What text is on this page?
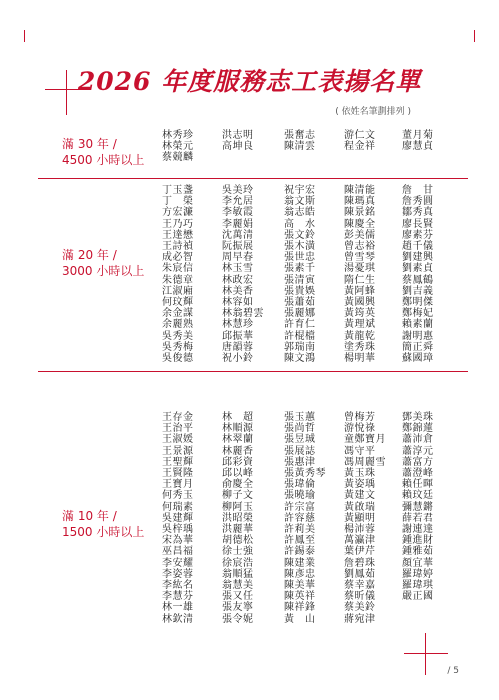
2026 年度服務志工表揚名單
( 依姓名筆劃排列 )
滿 30 年 /
4500 小時以上
林秀珍
林榮元
蔡競麟
洪志明
高坤良
張奮志
陳清雲
游仁文
程金祥
董月菊
廖慧貞
滿 20 年 /
3000 小時以上
丁玉盞
丁　榮
方宏濂
王乃巧
王達懋
王詩禎
成必智
朱宸信
朱德章
江淑廂
何玟輝
余金謀
余麗熟
吳秀美
吳秀梅
吳俊德
吳美玲
李允居
李敏霞
李麗娟
沈萬清
阮振展
周早春
林玉雪
林政宏
林美香
林容如
林翁碧雲
林慧珍
邱振華
唐韻蓉
祝小鈴
祝宇宏
翁文斯
翁志皓
高　水
張文鈴
張木潢
張世忠
張素千
張清寅
張貴娛
張蕭茹
張麗娜
許育仁
許棍檔
郭瑞南
陳文鴻
陳清能
陳瑪真
陳景銘
陳慶全
彭美儒
曾志裕
曾雪琴
湯憂琪
隋仁生
黃阿蜂
黃國興
黃筠英
黃理斌
黃龍乾
塗秀珠
楊明華
詹　甘
詹秀圓
鄒秀真
廖長賢
廖素芬
趙千儀
劉建興
劉素貞
蔡鳳鶴
劉吉義
鄭明傑
鄭梅妃
賴素蘭
謝明惠
簡正舜
蘇國璋
滿 10 年 /
1500 小時以上
王存金
王治平
王淑媛
王景源
王聖輝
王賢隆
王寶月
何秀玉
何瑞素
吳建輝
吳梓瑀
宋為華
巫昌福
李安耀
李姿蓉
李紘名
李慧芬
林一雄
林欽清
林　超
林順源
林翠蘭
林麗香
邱彩資
邱以峰
俞慶全
柳子文
柳阿玉
洪昭榮
洪麗華
胡德松
徐士強
徐宸浩
翁順猛
翁慧美
張又任
張友寧
張令妮
張玉蕙
張尚哲
張昱珹
張展誌
張惠津
張黃秀琴
張瑋倫
張曉瑜
許宗富
許容慈
許莉美
許鳳至
許錫泰
陳建業
陳彥忠
陳美華
陳英祥
陳祥鋒
黃　山
曾梅芳
游悅祿
童鄭寶月
馮守平
馮周麗雪
黃玉珠
黃姿瑀
黃建文
黃啟瑞
黃顯明
楊沛蓉
萬瀛津
葉伊芹
詹碧珠
劉鳳茹
蔡幸嘉
蔡昕儀
蔡美鈴
蔣宛津
鄧美珠
鄭錦蓮
蕭沛倉
蕭淳元
蕭富方
蕭澄峰
賴任暉
賴玟廷
彌慧鏘
薛若君
謝連達
鍾進財
鍾雅茹
顏宜華
羅瑋婷
羅瑋琪
嚴正國
/ 5
